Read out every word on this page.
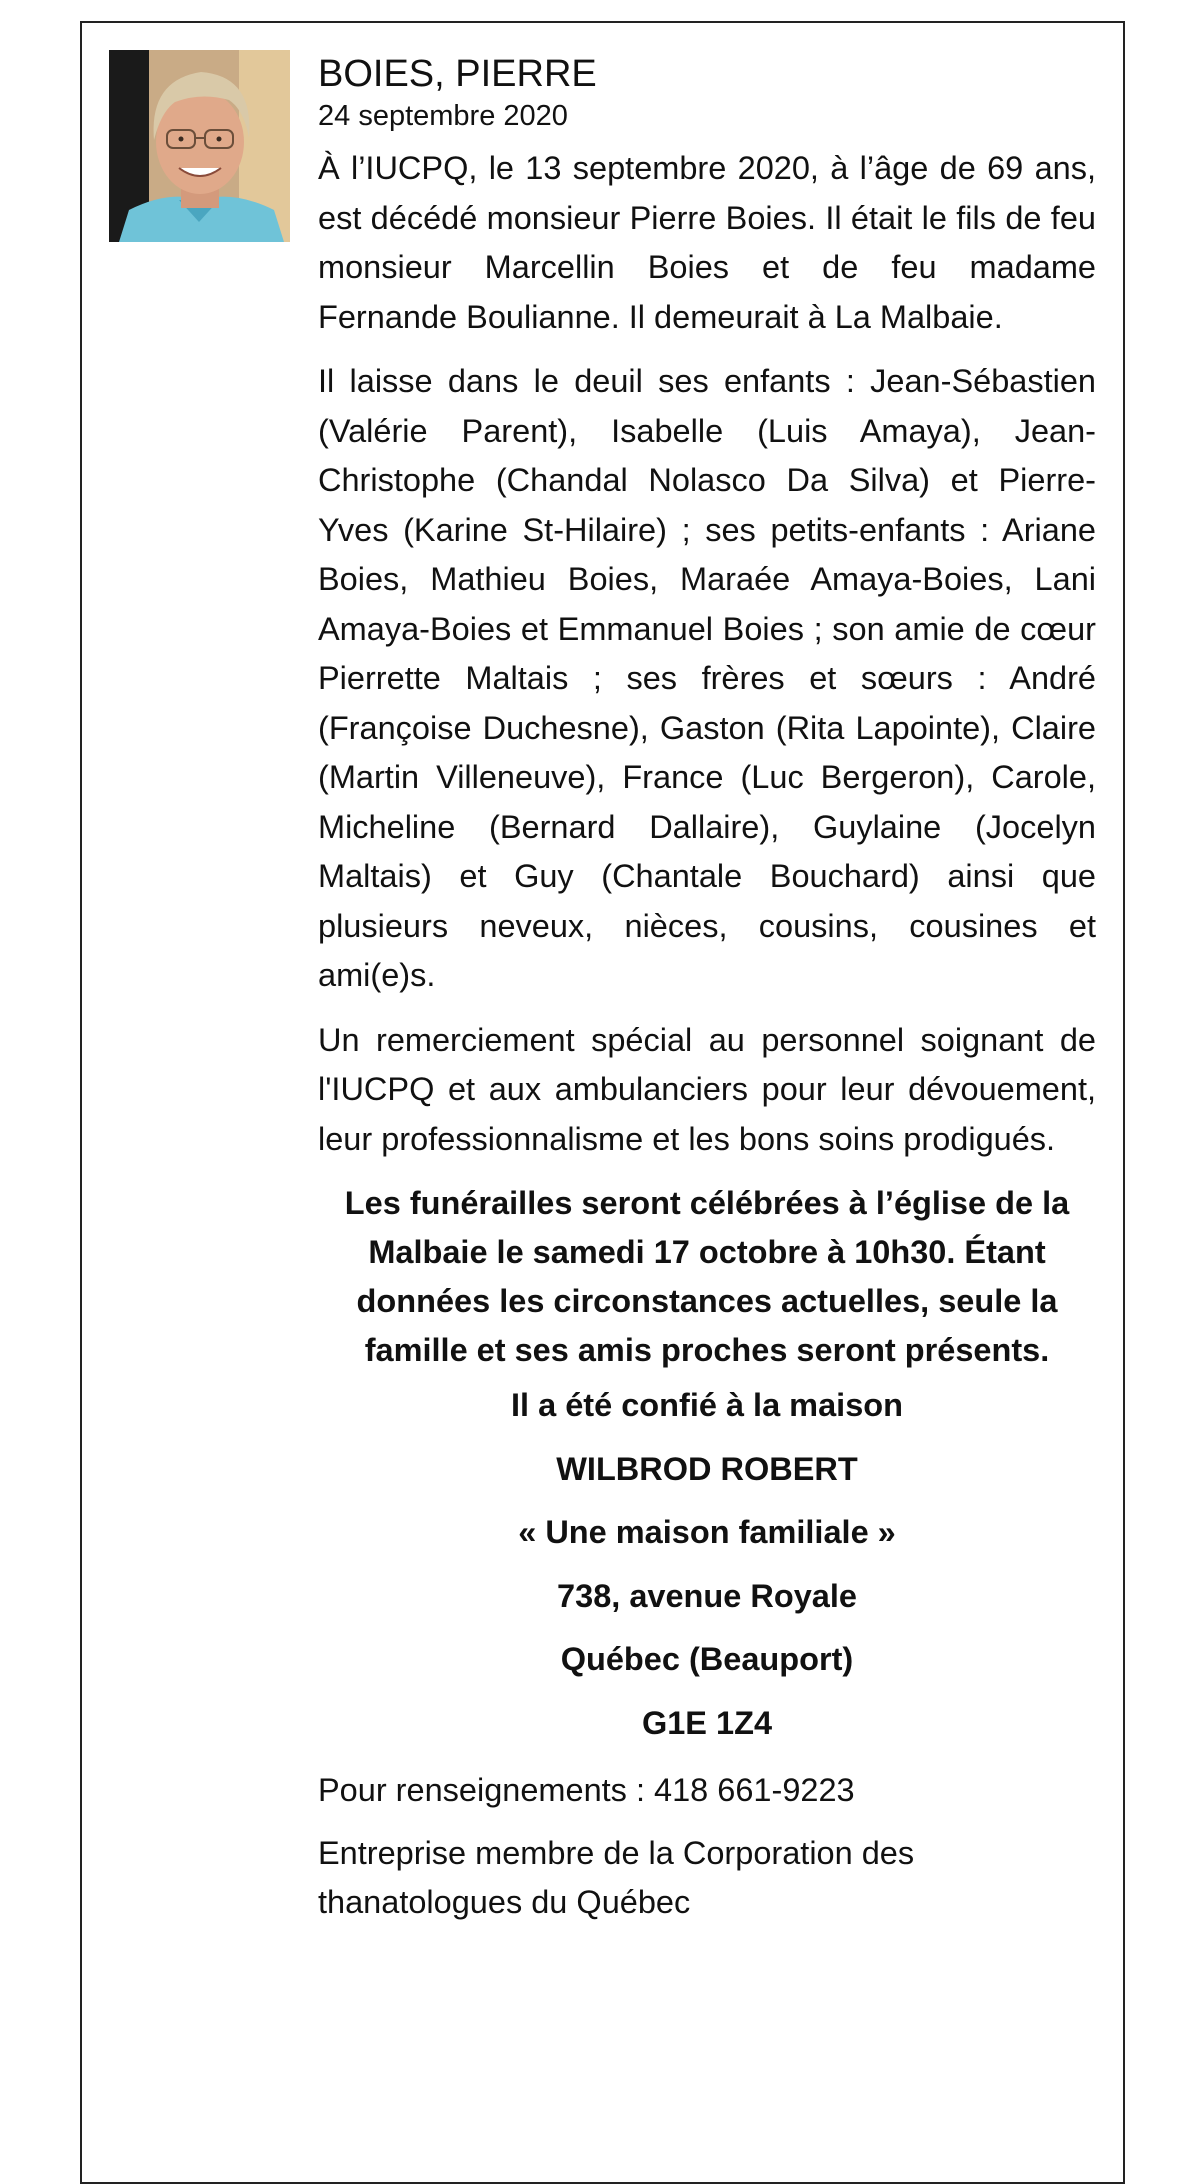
BOIES, PIERRE
24 septembre 2020

À l’IUCPQ, le 13 septembre 2020, à l’âge de 69 ans, est décédé monsieur Pierre Boies. Il était le fils de feu monsieur Marcellin Boies et de feu madame Fernande Boulianne. Il demeurait à La Malbaie.

Il laisse dans le deuil ses enfants : Jean-Sébastien (Valérie Parent), Isabelle (Luis Amaya), Jean-Christophe (Chandal Nolasco Da Silva) et Pierre-Yves (Karine St-Hilaire) ; ses petits-enfants : Ariane Boies, Mathieu Boies, Maraée Amaya-Boies, Lani Amaya-Boies et Emmanuel Boies ; son amie de cœur Pierrette Maltais ; ses frères et sœurs : André (Françoise Duchesne), Gaston (Rita Lapointe), Claire (Martin Villeneuve), France (Luc Bergeron), Carole, Micheline (Bernard Dallaire), Guylaine (Jocelyn Maltais) et Guy (Chantale Bouchard) ainsi que plusieurs neveux, nièces, cousins, cousines et ami(e)s.

Un remerciement spécial au personnel soignant de l'IUCPQ et aux ambulanciers pour leur dévouement, leur professionnalisme et les bons soins prodigués.

Les funérailles seront célébrées à l’église de la Malbaie le samedi 17 octobre à 10h30. Étant données les circonstances actuelles, seule la famille et ses amis proches seront présents.

Il a été confié à la maison
WILBROD ROBERT
« Une maison familiale »
738, avenue Royale
Québec (Beauport)
G1E 1Z4
Pour renseignements : 418 661-9223
Entreprise membre de la Corporation des thanatologues du Québec
